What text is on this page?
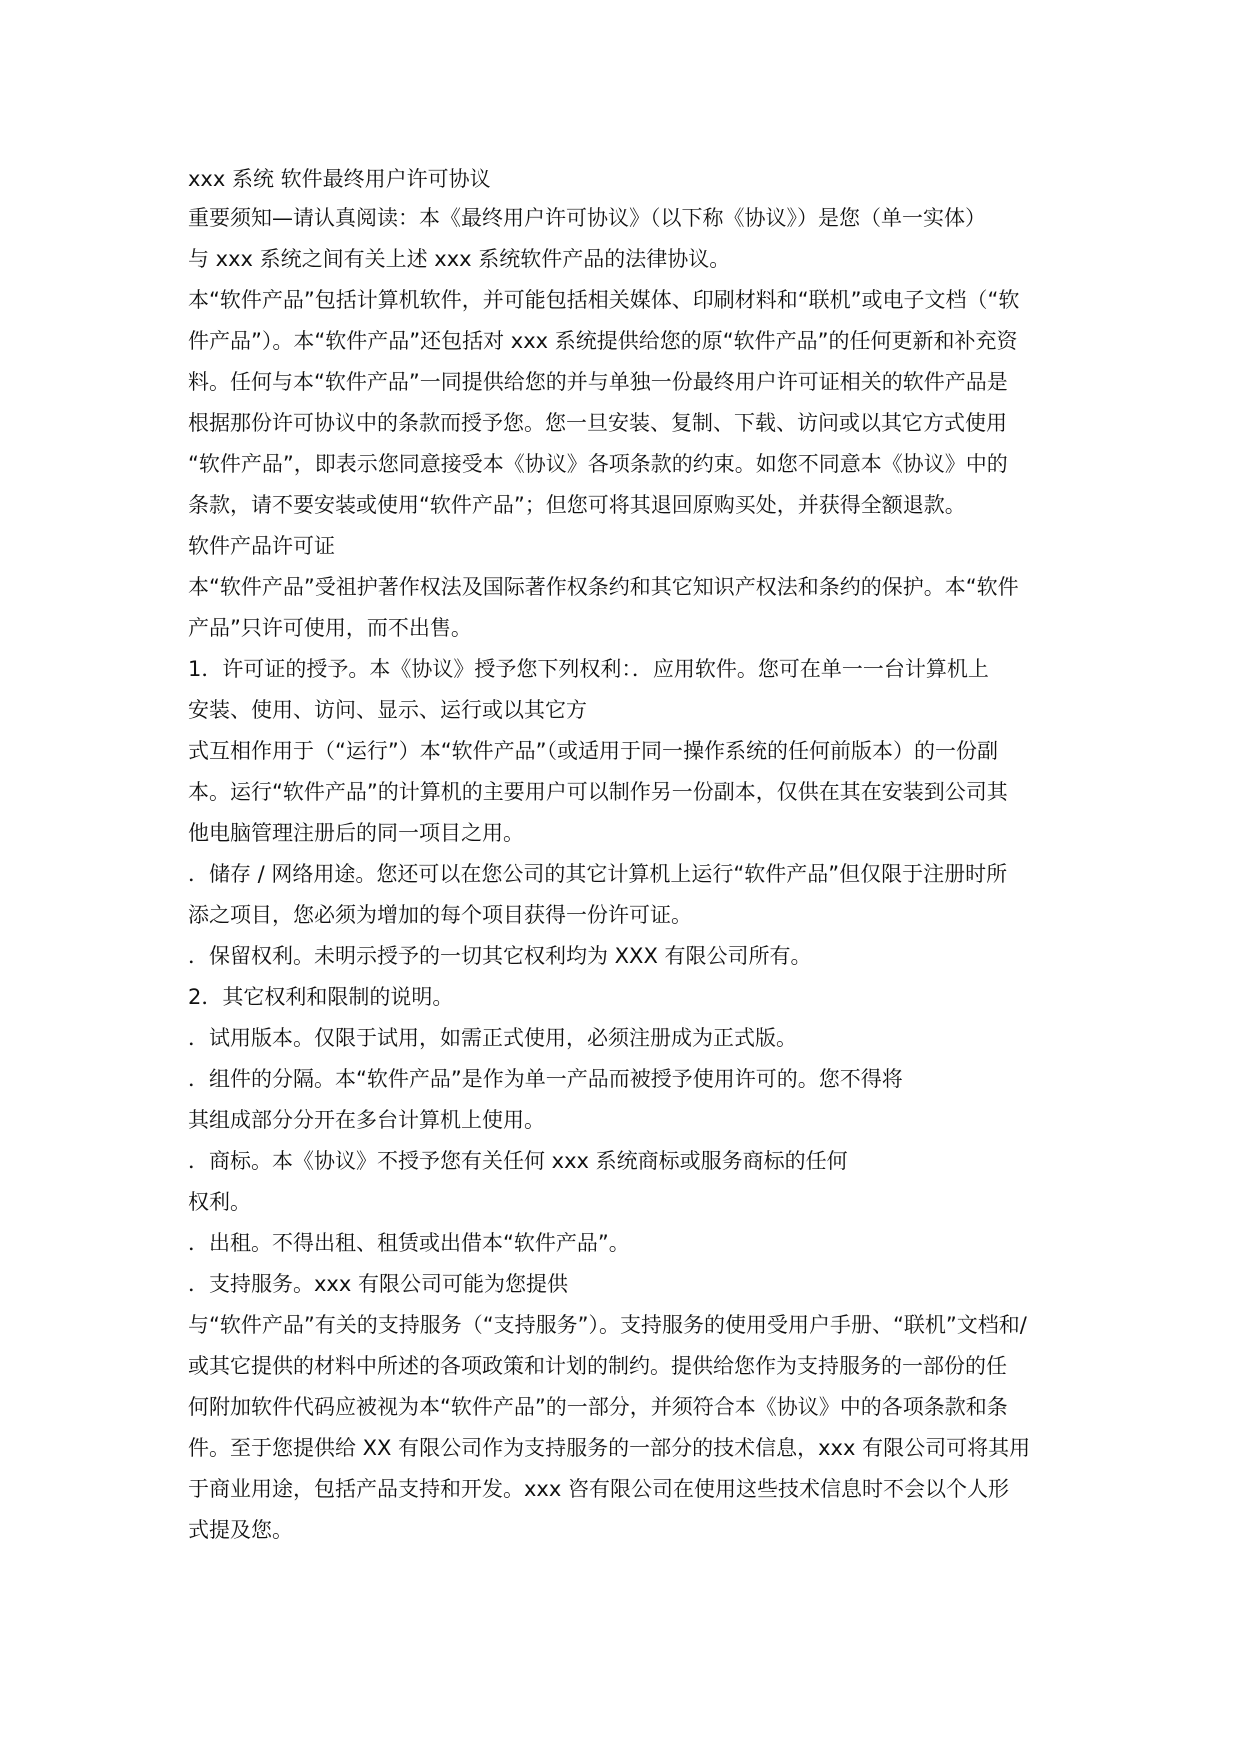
xxx 系统 软件最终用户许可协议
重要须知—请认真阅读：本《最终用户许可协议》（以下称《协议》）是您（单一实体）
与 xxx 系统之间有关上述 xxx 系统软件产品的法律协议。
本“软件产品”包括计算机软件，并可能包括相关媒体、印刷材料和“联机”或电子文档（“软
件产品”）。本“软件产品”还包括对 xxx 系统提供给您的原“软件产品”的任何更新和补充资
料。任何与本“软件产品”一同提供给您的并与单独一份最终用户许可证相关的软件产品是
根据那份许可协议中的条款而授予您。您一旦安装、复制、下载、访问或以其它方式使用
“软件产品”，即表示您同意接受本《协议》各项条款的约束。如您不同意本《协议》中的
条款，请不要安装或使用“软件产品”；但您可将其退回原购买处，并获得全额退款。
软件产品许可证
本“软件产品”受祖护著作权法及国际著作权条约和其它知识产权法和条约的保护。本“软件
产品”只许可使用，而不出售。
1．许可证的授予。本《协议》授予您下列权利：．应用软件。您可在单一一台计算机上
安装、使用、访问、显示、运行或以其它方
式互相作用于（“运行”）本“软件产品”（或适用于同一操作系统的任何前版本）的一份副
本。运行“软件产品”的计算机的主要用户可以制作另一份副本，仅供在其在安装到公司其
他电脑管理注册后的同一项目之用。
．储存 / 网络用途。您还可以在您公司的其它计算机上运行“软件产品”但仅限于注册时所
添之项目，您必须为增加的每个项目获得一份许可证。
．保留权利。未明示授予的一切其它权利均为 XXX 有限公司所有。
2．其它权利和限制的说明。
．试用版本。仅限于试用，如需正式使用，必须注册成为正式版。
．组件的分隔。本“软件产品”是作为单一产品而被授予使用许可的。您不得将
其组成部分分开在多台计算机上使用。
．商标。本《协议》不授予您有关任何 xxx 系统商标或服务商标的任何
权利。
．出租。不得出租、租赁或出借本“软件产品”。
．支持服务。xxx 有限公司可能为您提供
与“软件产品”有关的支持服务（“支持服务”）。支持服务的使用受用户手册、“联机”文档和/
或其它提供的材料中所述的各项政策和计划的制约。提供给您作为支持服务的一部份的任
何附加软件代码应被视为本“软件产品”的一部分，并须符合本《协议》中的各项条款和条
件。至于您提供给 XX 有限公司作为支持服务的一部分的技术信息，xxx 有限公司可将其用
于商业用途，包括产品支持和开发。xxx 咨有限公司在使用这些技术信息时不会以个人形
式提及您。
